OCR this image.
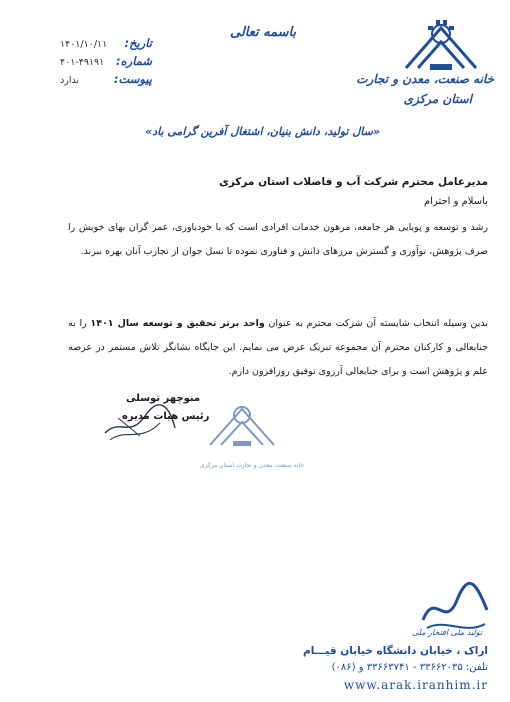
خانه صنعت، معدن و تجارت
استان مرکزی
باسمه تعالی
تاریخ:
۱۴۰۱/۱۰/۱۱
شماره:
۴۰۱-۴۹۱۹۱
پیوست:
ندارد
«سال تولید، دانش بنیان، اشتغال آفرین گرامی باد»
مدیرعامل محترم شرکت آب و فاضلاب استان مرکزی
باسلام و احترام
رشد و توسعه و پویایی هر جامعه، مرهون خدمات افرادی است که با خودباوری، عمر گران بهای خویش را صرف پژوهش، نوآوری و گسترش مرزهای دانش و فناوری نموده تا نسل جوان از تجارب آنان بهره ببرند.
بدین وسیله انتخاب شایسته آن شرکت محترم به عنوان واحد برتر تحقیق و توسعه سال ۱۴۰۱ را به جنابعالی و کارکنان محترم آن مجموعه تبریک عرض می نمایم. این جایگاه نشانگر تلاش مستمر در عرصه علم و پژوهش است و برای جنابعالی آرزوی توفیق روزافزون دارم.
منوچهر توسلی
رئیس هیات مدیره
خانه صنعت، معدن و تجارت استان مرکزی
تولید ملی افتخار ملی
اراک ، خیابان دانشگاه خیابان قیـــام
تلفن: ۳۳۶۶۲۰۳۵ - ۳۳۶۶۳۷۴۱ و (۰۸۶)
www.arak.iranhim.ir
